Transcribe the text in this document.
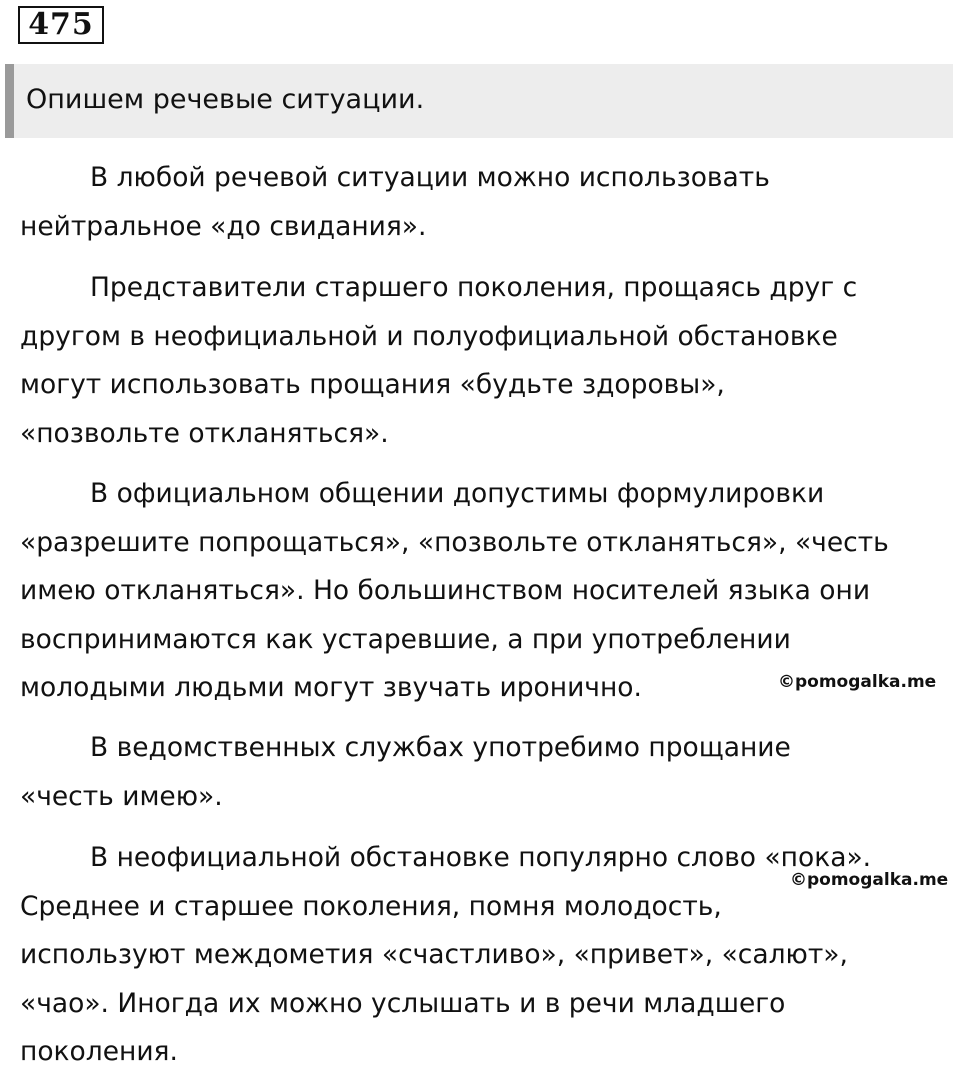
475
Опишем речевые ситуации.

В любой речевой ситуации можно использовать
нейтральное «до свидания».

Представители старшего поколения, прощаясь друг с
другом в неофициальной и полуофициальной обстановке
могут использовать прощания «будьте здоровы»,
«позвольте откланяться».

В официальном общении допустимы формулировки
«разрешите попрощаться», «позвольте откланяться», «честь
имею откланяться». Но большинством носителей языка они
воспринимаются как устаревшие, а при употреблении
молодыми людьми могут звучать иронично.

В ведомственных службах употребимо прощание
«честь имею».

В неофициальной обстановке популярно слово «пока».
Среднее и старшее поколения, помня молодость,
используют междометия «счастливо», «привет», «салют»,
«чао». Иногда их можно услышать и в речи младшего
поколения.

©pomogalka.me
©pomogalka.me
